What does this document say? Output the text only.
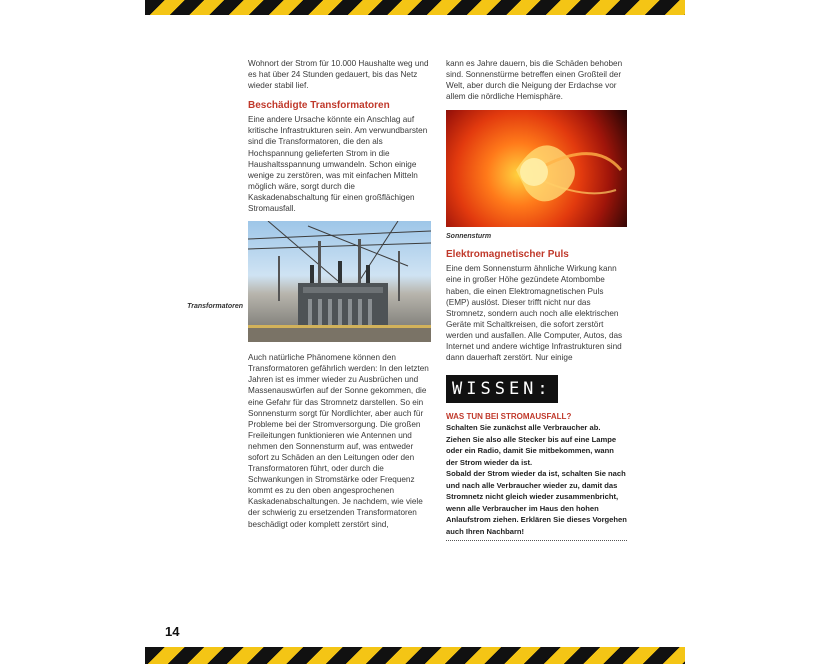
Wohnort der Strom für 10.000 Haushalte weg und es hat über 24 Stunden gedauert, bis das Netz wieder stabil lief.

Beschädigte Transformatoren

Eine andere Ursache könnte ein Anschlag auf kritische Infrastrukturen sein. Am verwundbarsten sind die Transformatoren, die den als Hochspannung gelieferten Strom in die Haushaltsspannung umwandeln. Schon einige wenige zu zerstören, was mit einfachen Mitteln möglich wäre, sorgt durch die Kaskadenabschaltung für einen großflächigen Stromausfall.

Auch natürliche Phänomene können den Transformatoren gefährlich werden: In den letzten Jahren ist es immer wieder zu Ausbrüchen und Massenauswürfen auf der Sonne gekommen, die eine Gefahr für das Stromnetz darstellen. So ein Sonnensturm sorgt für Nordlichter, aber auch für Probleme bei der Stromversorgung. Die großen Freileitungen funktionieren wie Antennen und nehmen den Sonnensturm auf, was entweder sofort zu Schäden an den Leitungen oder den Transformatoren führt, oder durch die Schwankungen in Stromstärke oder Frequenz kommt es zu den oben angesprochenen Kaskadenabschaltungen. Je nachdem, wie viele der schwierig zu ersetzenden Transformatoren beschädigt oder komplett zerstört sind,

Transformatoren

kann es Jahre dauern, bis die Schäden behoben sind. Sonnenstürme betreffen einen Großteil der Welt, aber durch die Neigung der Erdachse vor allem die nördliche Hemisphäre.

Sonnensturm
Elektromagnetischer Puls

Eine dem Sonnensturm ähnliche Wirkung kann eine in großer Höhe gezündete Atombombe haben, die einen Elektromagnetischen Puls (EMP) auslöst. Dieser trifft nicht nur das Stromnetz, sondern auch noch alle elektrischen Geräte mit Schaltkreisen, die sofort zerstört werden und ausfallen. Alle Computer, Autos, das Internet und andere wichtige Infrastrukturen sind dann dauerhaft zerstört. Nur einige

WISSEN:
WAS TUN BEI STROMAUSFALL?

Schalten Sie zunächst alle Verbraucher ab. Ziehen Sie also alle Stecker bis auf eine Lampe oder ein Radio, damit Sie mitbekommen, wann der Strom wieder da ist.

Sobald der Strom wieder da ist, schalten Sie nach und nach alle Verbraucher wieder zu, damit das Stromnetz nicht gleich wieder zusammenbricht, wenn alle Verbraucher im Haus den hohen Anlaufstrom ziehen. Erklären Sie dieses Vorgehen auch Ihren Nachbarn!

14
